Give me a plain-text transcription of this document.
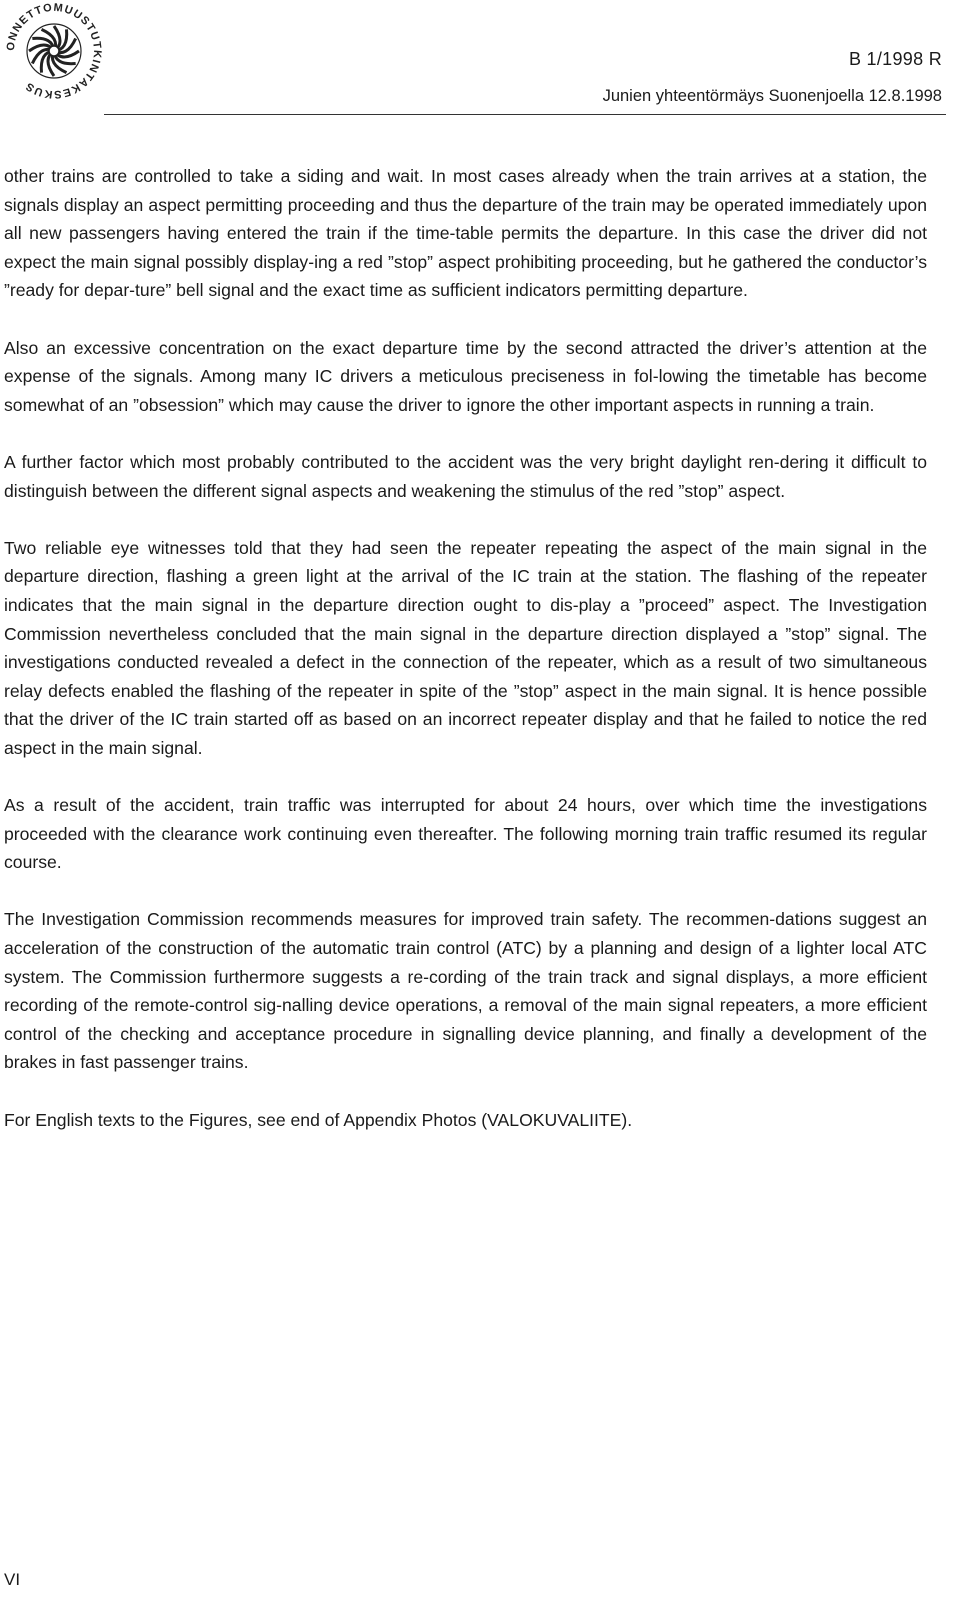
ONNETTOMUUSTUTKINTAKESKUS
B 1/1998 R
Junien yhteentörmäys Suonenjoella 12.8.1998

other trains are controlled to take a siding and wait. In most cases already when the train arrives at a station, the signals display an aspect permitting proceeding and thus the departure of the train may be operated immediately upon all new passengers having entered the train if the time-table permits the departure. In this case the driver did not expect the main signal possibly display-ing a red ”stop” aspect prohibiting proceeding, but he gathered the conductor’s ”ready for depar-ture” bell signal and the exact time as sufficient indicators permitting departure.

Also an excessive concentration on the exact departure time by the second attracted the driver’s attention at the expense of the signals. Among many IC drivers a meticulous preciseness in fol-lowing the timetable has become somewhat of an ”obsession” which may cause the driver to ignore the other important aspects in running a train.

A further factor which most probably contributed to the accident was the very bright daylight ren-dering it difficult to distinguish between the different signal aspects and weakening the stimulus of the red ”stop” aspect.

Two reliable eye witnesses told that they had seen the repeater repeating the aspect of the main signal in the departure direction, flashing a green light at the arrival of the IC train at the station. The flashing of the repeater indicates that the main signal in the departure direction ought to dis-play a ”proceed” aspect. The Investigation Commission nevertheless concluded that the main signal in the departure direction displayed a ”stop” signal. The investigations conducted revealed a defect in the connection of the repeater, which as a result of two simultaneous relay defects enabled the flashing of the repeater in spite of the ”stop” aspect in the main signal. It is hence possible that the driver of the IC train started off as based on an incorrect repeater display and that he failed to notice the red aspect in the main signal.

As a result of the accident, train traffic was interrupted for about 24 hours, over which time the investigations proceeded with the clearance work continuing even thereafter. The following morning train traffic resumed its regular course.

The Investigation Commission recommends measures for improved train safety. The recommen-dations suggest an acceleration of the construction of the automatic train control (ATC) by a planning and design of a lighter local ATC system. The Commission furthermore suggests a re-cording of the train track and signal displays, a more efficient recording of the remote-control sig-nalling device operations, a removal of the main signal repeaters, a more efficient control of the checking and acceptance procedure in signalling device planning, and finally a development of the brakes in fast passenger trains.

For English texts to the Figures, see end of Appendix Photos (VALOKUVALIITE).

VI
